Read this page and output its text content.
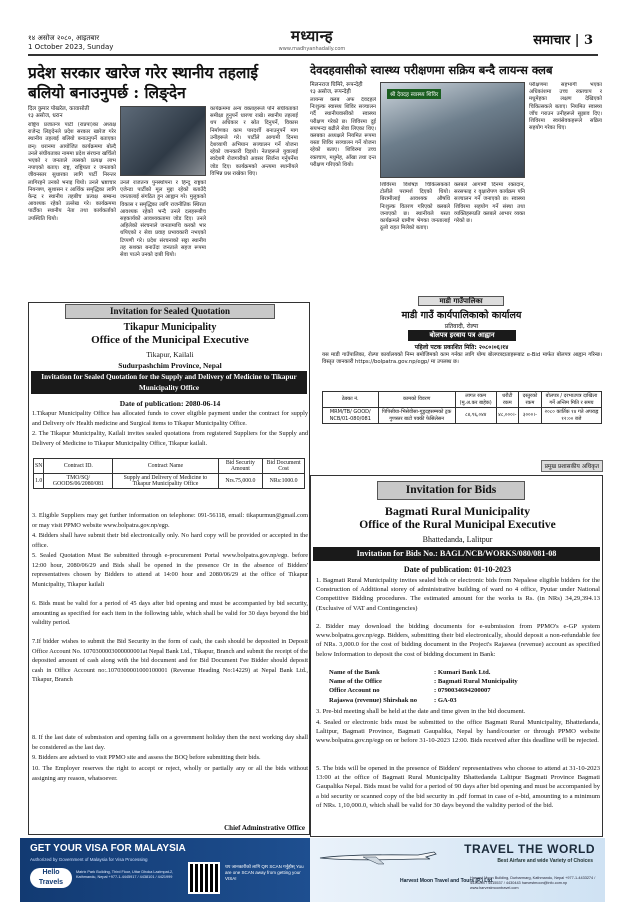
१४ असोज २०८०, आइतबार
1 October 2023, Sunday
मध्यान्ह
www.madhyanhadaily.com
समाचार | 3
प्रदेश सरकार खारेज गरेर स्थानीय तहलाई बलियो बनाउनुपर्छ : लिङ्देन
दिल कुमार पोखरेल, कावासोती
१३ असोज, धरान
राष्ट्रिय प्रजातन्त्र पार्टी (राप्रपा)का अध्यक्ष राजेन्द्र लिङ्देनले प्रदेश सरकार खारेज गरेर स्थानीय तहलाई बलियो बनाउनुपर्ने बताएका छन्। धरानमा आयोजित कार्यक्रममा बोल्दै उनले संघीयताका नाममा प्रदेश संरचना खर्चिलो भएको र जनताले त्यसको प्रत्यक्ष लाभ नपाएको बताए। राष्ट्र, राष्ट्रियता र जनताको जीवनस्तर सुधारका लागि पार्टी निरन्तर लागिरहने उनको भनाइ थियो। उनले भ्रष्टाचार नियन्त्रण, सुशासन र आर्थिक समृद्धिका लागि केन्द्र र स्थानीय तहबीच प्रत्यक्ष सम्बन्ध आवश्यक रहेको उल्लेख गरे। कार्यक्रममा पार्टीका स्थानीय नेता तथा कार्यकर्ताको उपस्थिति थियो।
उनले राजतन्त्र पुनर्स्थापना र हिन्दु राष्ट्रको एजेन्डा पार्टीको मूल मुद्दा रहेको बताउँदै जनतालाई संगठित हुन आह्वान गरे। मुलुकको विकास र समृद्धिका लागि राजनीतिक स्थिरता आवश्यक रहेको भन्दै उनले दलहरूबीच सहकार्यको आवश्यकतामा जोड दिए। उनले अहिलेको संरचनाले जनतामाथि करको भार थपिएको र सेवा प्रवाह प्रभावकारी नभएको टिप्पणी गरे। प्रदेश संरचनाको सट्टा स्थानीय तह सशक्त बनाउँदा जनताले सहज रूपमा सेवा पाउने उनको दाबी थियो।
कार्यक्रममा अन्य वक्ताहरूले पनि संघीयताको समीक्षा हुनुपर्ने धारणा राखे। स्थानीय तहलाई थप अधिकार र स्रोत दिनुपर्ने, विकास निर्माणका काम पारदर्शी बनाउनुपर्ने माग उनीहरूले गरे। पार्टीले आगामी दिनमा देशव्यापी अभियान सञ्चालन गर्ने योजना रहेको जानकारी दिइयो। नेताहरूले युवालाई स्वदेशमै रोजगारीको अवसर सिर्जना गर्नुपर्नेमा जोड दिए। कार्यक्रमको अन्त्यमा स्थानीयले विभिन्न प्रश्न राखेका थिए।
देवदहवासीको स्वास्थ्य परीक्षणमा सक्रिय बन्दै लायन्स क्लब
मिलनराज घिमिरे, रूपन्देही
१३ असोज, रूपन्देही
लायन्स क्लब अफ देवदहले निःशुल्क स्वास्थ्य शिविर सञ्चालन गर्दै स्थानीयवासीको स्वास्थ्य परीक्षण गरेको छ। शिविरमा दुई सयभन्दा बढीले सेवा लिएका थिए। क्लबका अध्यक्षले नियमित रूपमा यस्ता शिविर सञ्चालन गर्ने योजना रहेको बताए। शिविरमा उच्च रक्तचाप, मधुमेह, आँखा तथा दन्त परीक्षण गरिएको थियो।
श्री देवदह स्वास्थ्य शिविर
शिविरमा विशेषज्ञ चिकित्सकको टोलीले परामर्श दिएको थियो। बिरामीलाई आवश्यक औषधि निःशुल्क वितरण गरिएको क्लबले जनाएको छ। स्थानीयले यस्ता कार्यक्रमले ग्रामीण भेगका जनतालाई ठूलो राहत मिलेको बताए।
क्लबले आगामी दिनमा रक्तदान, सरसफाइ र वृक्षारोपण कार्यक्रम पनि सञ्चालन गर्ने जनाएको छ। स्वास्थ्य शिविरमा सहयोग गर्ने संस्था तथा व्यक्तिहरूप्रति क्लबले आभार व्यक्त गरेको छ।
परीक्षणमा सहभागी भएका अधिकांशमा उच्च रक्तचाप र मधुमेहका लक्षण देखिएको चिकित्सकले बताए। नियमित स्वास्थ्य जाँच गराउन उनीहरूले सुझाव दिए। शिविरमा स्वयंसेवकहरूले सक्रिय सहयोग गरेका थिए।
Invitation for Sealed Quotation
Tikapur Municipality
Office of the Municipal Executive
Tikapur, Kailali
Sudurpashchim Province, Nepal
Invitation for Sealed Quotation for the Supply and Delivery of Medicine to Tikapur Municipality Office
Date of publication: 2080-06-14
1.Tikapur Municipality Office has allocated funds to cover eligible payment under the contract for supply and Delivery ofv Health medicine and Surgical items to Tikapur Municipality Office.
2. The Tikapur Municipality, Kailali invites sealed quotations from registered Suppliers for the Supply and Delivery of Medicine to Tikapur Municipality Office, Tikapur kailali.
SN	Contract ID.	Contract Name	Bid Security Amount	Bid Document Cost
1.0	TMO/SQ/ GOODS/06/2080/081	Supply and Delivery of Medicine to Tikapur Municipality Office	Nrs.75,000.0	NRs:1000.0
3. Eligible Suppliers may get further information on telephone: 091-56118, email: tikapurmun@gmail.com or may visit PPMO website www.bolpatra.gov.np/egp.
4. Bidders shall have submit their bid electronically only. No hard copy will be provided or accepted in the office.
5. Sealed Quotation Must Be submitted through e-procurement Portal www.bolpatra.gov.np/egp. before 12:00 hour, 2080/06/29 and Bids shall be opened in the presence Or in the absence of Bidders' representatives chosen by Bidders to attend at 14:00 hour and 2080/06/29 at the office of Tikapur Municipality, Tikapur kailali
6. Bids must be valid for a period of 45 days after bid opening and must be accompanied by bid security, amounting as specified for each item in the following table, which shall be valid for 30 days beyond the bid validity period.
7.If bidder wishes to submit the Bid Security in the form of cash, the cash should be deposited in Deposit Office Account No. 1070300003000000001at Nepal Bank Ltd., Tikapur, Branch and submit the receipt of the deposited amount of cash along with the bid document and for Bid Document Fee Bidder should deposit cash in Office Account no:.1070300001000100001 (Revenue Heading No:14229) at Nepal Bank Ltd., Tikapur, Branch
8. If the last date of submission and opening falls on a government holiday then the next working day shall be considered as the last day.
9. Bidders are advised to visit PPMO site and assess the BOQ before submitting their bids.
10. The Employer reserves the right to accept or reject, wholly or partially any or all the bids without assigning any reason, whatsoever.
Chief Adminstrative Office
माडी गाउँपालिका
माडी गाउँ कार्यपालिकाको कार्यालय
प्रतिवादी, रोल्पा
बोलपत्र इरबाय पत्र आह्वान
पहिलो पटक प्रकाशित मिति: २०८०।०६।१४
यस माडी गाउँपालिका, रोल्पा कार्यालयको निम्न बमोजिमको काम गर्नका लागि योग्य बोलपत्रदाताहरूबाट e-Bid मार्फत बोलपत्र आह्वान गरिन्छ। विस्तृत जानकारी https://bolpatra.gov.np/egp/ मा उपलब्ध छ।
ठेक्का नं.	कामको विवरण	लागत रकम (मु.अ.कर बाहेक)	धरौटी रकम	दस्तुरको रकम	बोलपत्र / दरभाउपत्र दाखिला गर्ने अन्तिम मिति र समय
MRM/TB/ GOOD/ NCB/01-080/081	पिपिसीया-भिसेवीसा-गुडुदहसम्मको ट्रक गुणस्तर बाटो पक्की फेसिलेसन	८४,९६,०४४	४८,०००।-	३०००।-	२०८० कार्तिक १४ गते अपराह्न १२:०० बजे
प्रमुख प्रशासकीय अधिकृत
Invitation for Bids
Bagmati Rural Municipality
Office of the Rural Municipal Executive
Bhattedanda, Lalitpur
Invitation for Bids No.: BAGL/NCB/WORKS/080/081-08
Date of publication: 01-10-2023
1. Bagmati Rural Municipality invites sealed bids or electronic bids from Nepalese eligible bidders for the Construction of Additional storey of administrative building of ward no 4 office, Pyutar under National Competitive Bidding procedures. The estimated amount for the works is Rs. (in NRs) 34,29,394.13 (Exclusive of VAT and Contingencies)
2. Bidder may download the bidding documents for e-submission from PPMO's e-GP system www.bolpatra.gov.np/egp. Bidders, submitting their bid electronically, should deposit a non-refundable fee of NRs. 3,000.0 for the cost of bidding document in the Project's Rajaswa (revenue) account as specified below Information to deposit the cost of bidding document in Bank:
Name of the Bank	: Kumari Bank Ltd.
Name of the Office	: Bagmati Rural Municipality
Office Account no	: 0790034694200007
Rajaswa (revenue) Shirshak no	: GA-03
3. Pre-bid meeting shall be held at the date and time given in the bid document.
4. Sealed or electronic bids must be submitted to the office Bagmati Rural Municipality, Bhattedanda, Lalitpur, Bagmati Province, Bagmati Gaupalika, Nepal by hand/courier or through PPMO website www.bolpatra.gov.np/egp on or before 31-10-2023 12:00. Bids received after this deadline will be rejected.
5. The bids will be opened in the presence of Bidders' representatives who choose to attend at 31-10-2023 13:00 at the office of Bagmati Rural Municipality Bhattedanda Lalitpur Bagmati Province Bagmati Gaupalika Nepal. Bids must be valid for a period of 90 days after bid opening and must be accompanied by a bid security or scanned copy of the bid security in .pdf format in case of e-bid, amounting to a minimum of NRs. 1,10,000.0, which shall be valid for 30 days beyond the validity period of the bid.
GET YOUR VISA FOR MALAYSIA
Authorized by Government of Malaysia for Visa Processing
Hello Travels
Matrix Park Building, Third Floor, Uttar Dhoka Lazimpat-2, Kathmandu, Nepal +977-1-4445917 / 4438101 / 4421999
थप जानकारीको लागि QR SCAN गर्नुहोस् You are one SCAN away from getting your VISA!
TRAVEL THE WORLD
Best Airfare and wide Variety of Choices
Harvest Moon Travel and Tours (P.) Ltd.
Harvest Moon Building, Durbarmarg, Kathmandu, Nepal +977-1-4433274 / 4433264 / 4415537 / 4430443 harvestmoon@info.com.np www.harvestmoontravel.com
